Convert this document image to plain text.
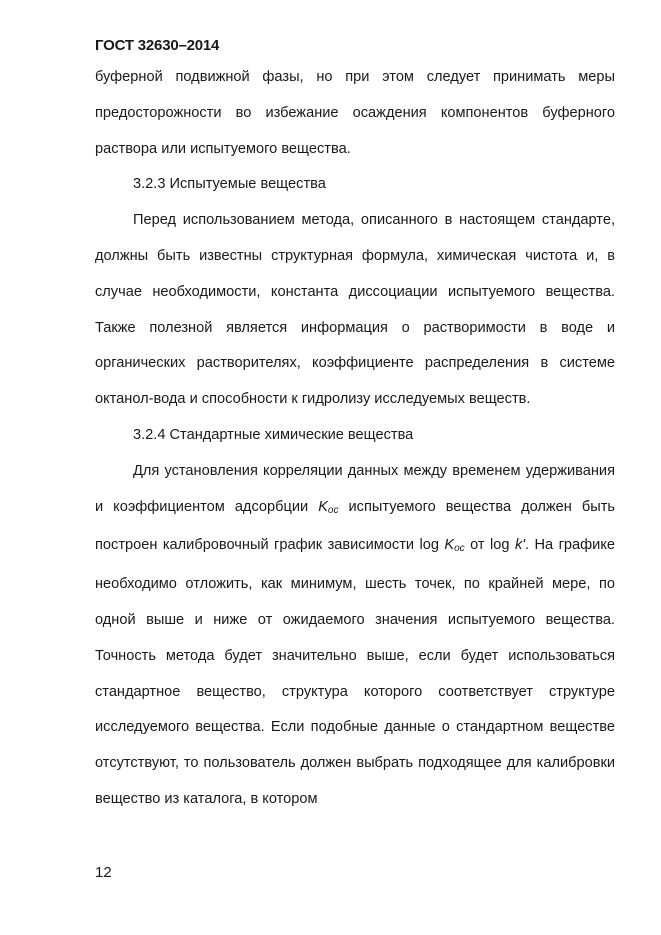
ГОСТ 32630–2014

буферной подвижной фазы, но при этом следует принимать меры предосторожности во избежание осаждения компонентов буферного раствора или испытуемого вещества.

3.2.3 Испытуемые вещества

Перед использованием метода, описанного в настоящем стандарте, должны быть известны структурная формула, химическая чистота и, в случае необходимости, константа диссоциации испытуемого вещества. Также полезной является информация о растворимости в воде и органических растворителях, коэффициенте распределения в системе октанол-вода и способности к гидролизу исследуемых веществ.

3.2.4 Стандартные химические вещества

Для установления корреляции данных между временем удерживания и коэффициентом адсорбции $K_{oc}$ испытуемого вещества должен быть построен калибровочный график зависимости $\log K_{oc}$ от log k'. На графике необходимо отложить, как минимум, шесть точек, по крайней мере, по одной выше и ниже от ожидаемого значения испытуемого вещества. Точность метода будет значительно выше, если будет использоваться стандартное вещество, структура которого соответствует структуре исследуемого вещества. Если подобные данные о стандартном веществе отсутствуют, то пользователь должен выбрать подходящее для калибровки вещество из каталога, в котором

12
